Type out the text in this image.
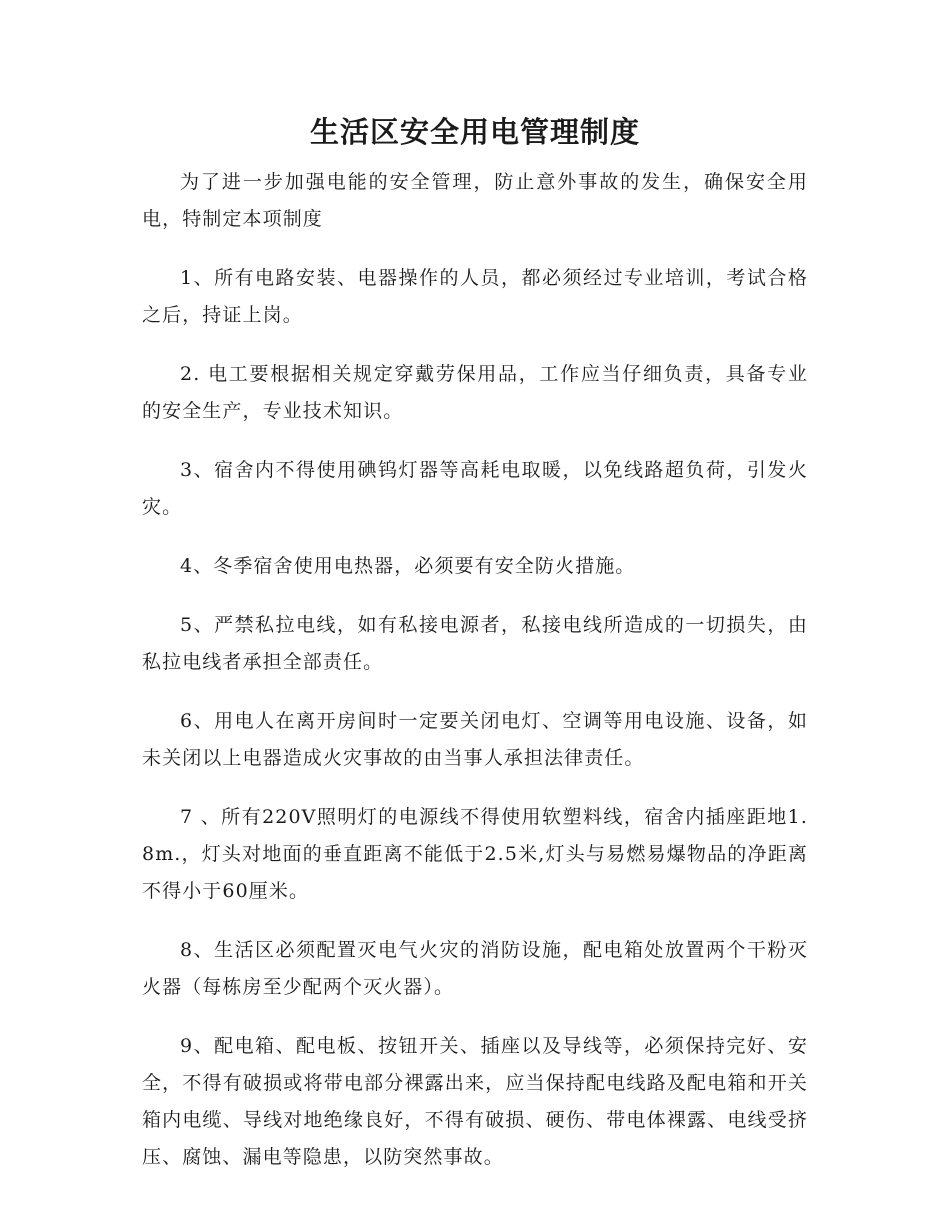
生活区安全用电管理制度

为了进一步加强电能的安全管理，防止意外事故的发生，确保安全用电，特制定本项制度

1、所有电路安装、电器操作的人员，都必须经过专业培训，考试合格之后，持证上岗。

2. 电工要根据相关规定穿戴劳保用品，工作应当仔细负责，具备专业的安全生产，专业技术知识。

3、宿舍内不得使用碘钨灯器等高耗电取暖，以免线路超负荷，引发火灾。

4、冬季宿舍使用电热器，必须要有安全防火措施。

5、严禁私拉电线，如有私接电源者，私接电线所造成的一切损失，由私拉电线者承担全部责任。

6、用电人在离开房间时一定要关闭电灯、空调等用电设施、设备，如未关闭以上电器造成火灾事故的由当事人承担法律责任。

7 、所有220V照明灯的电源线不得使用软塑料线，宿舍内插座距地1.8m.，灯头对地面的垂直距离不能低于2.5米,灯头与易燃易爆物品的净距离不得小于60厘米。

8、生活区必须配置灭电气火灾的消防设施，配电箱处放置两个干粉灭火器（每栋房至少配两个灭火器）。

9、配电箱、配电板、按钮开关、插座以及导线等，必须保持完好、安全，不得有破损或将带电部分裸露出来，应当保持配电线路及配电箱和开关箱内电缆、导线对地绝缘良好，不得有破损、硬伤、带电体裸露、电线受挤压、腐蚀、漏电等隐患，以防突然事故。
